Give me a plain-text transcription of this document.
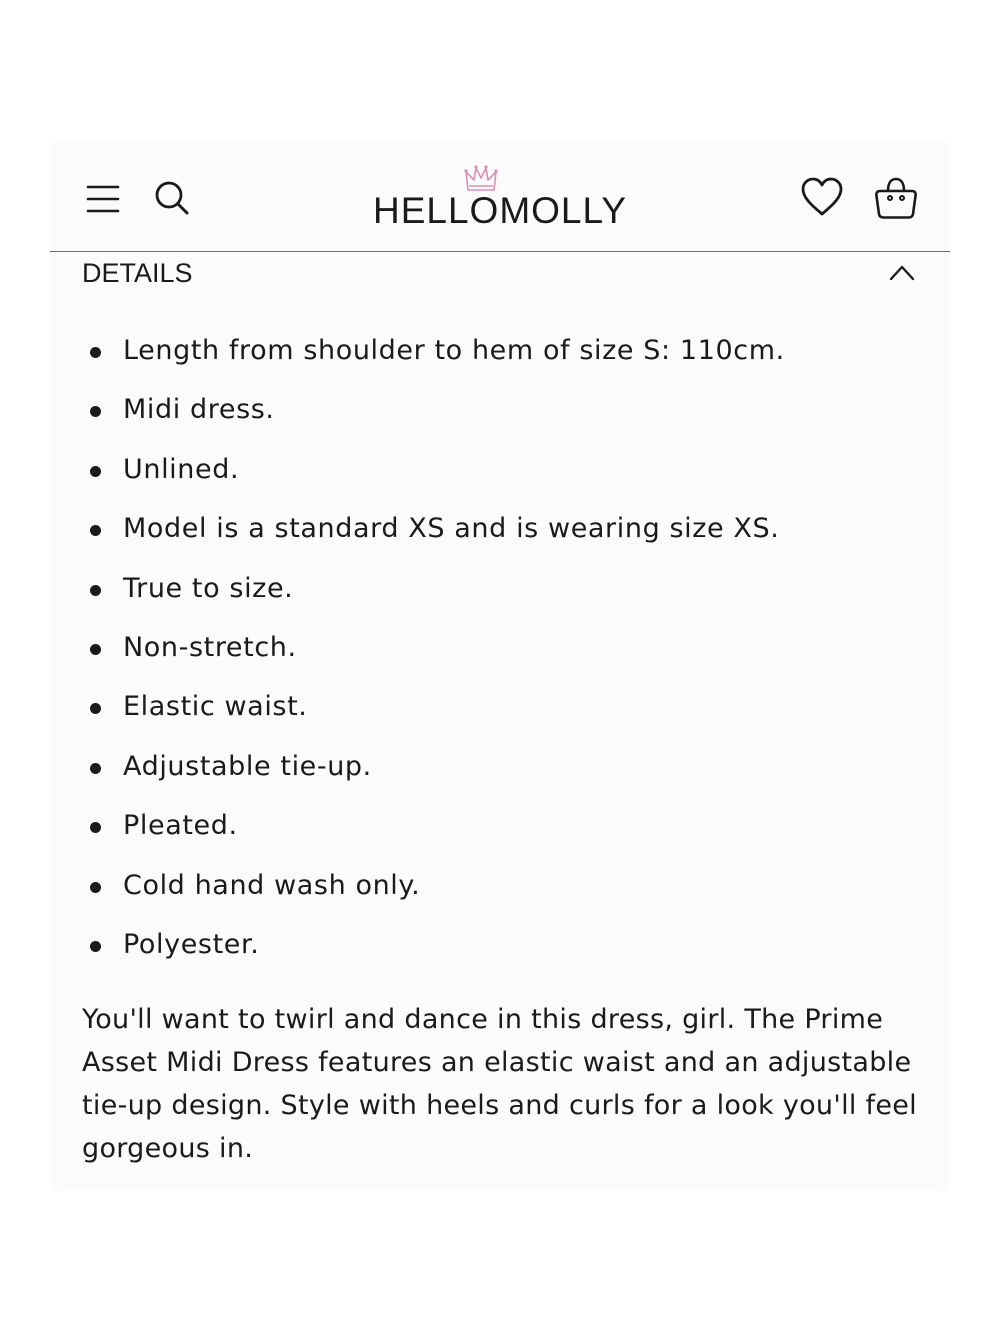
HELLOMOLLY
DETAILS
Length from shoulder to hem of size S: 110cm.
Midi dress.
Unlined.
Model is a standard XS and is wearing size XS.
True to size.
Non-stretch.
Elastic waist.
Adjustable tie-up.
Pleated.
Cold hand wash only.
Polyester.

You'll want to twirl and dance in this dress, girl. The Prime Asset Midi Dress features an elastic waist and an adjustable tie-up design. Style with heels and curls for a look you'll feel gorgeous in.
